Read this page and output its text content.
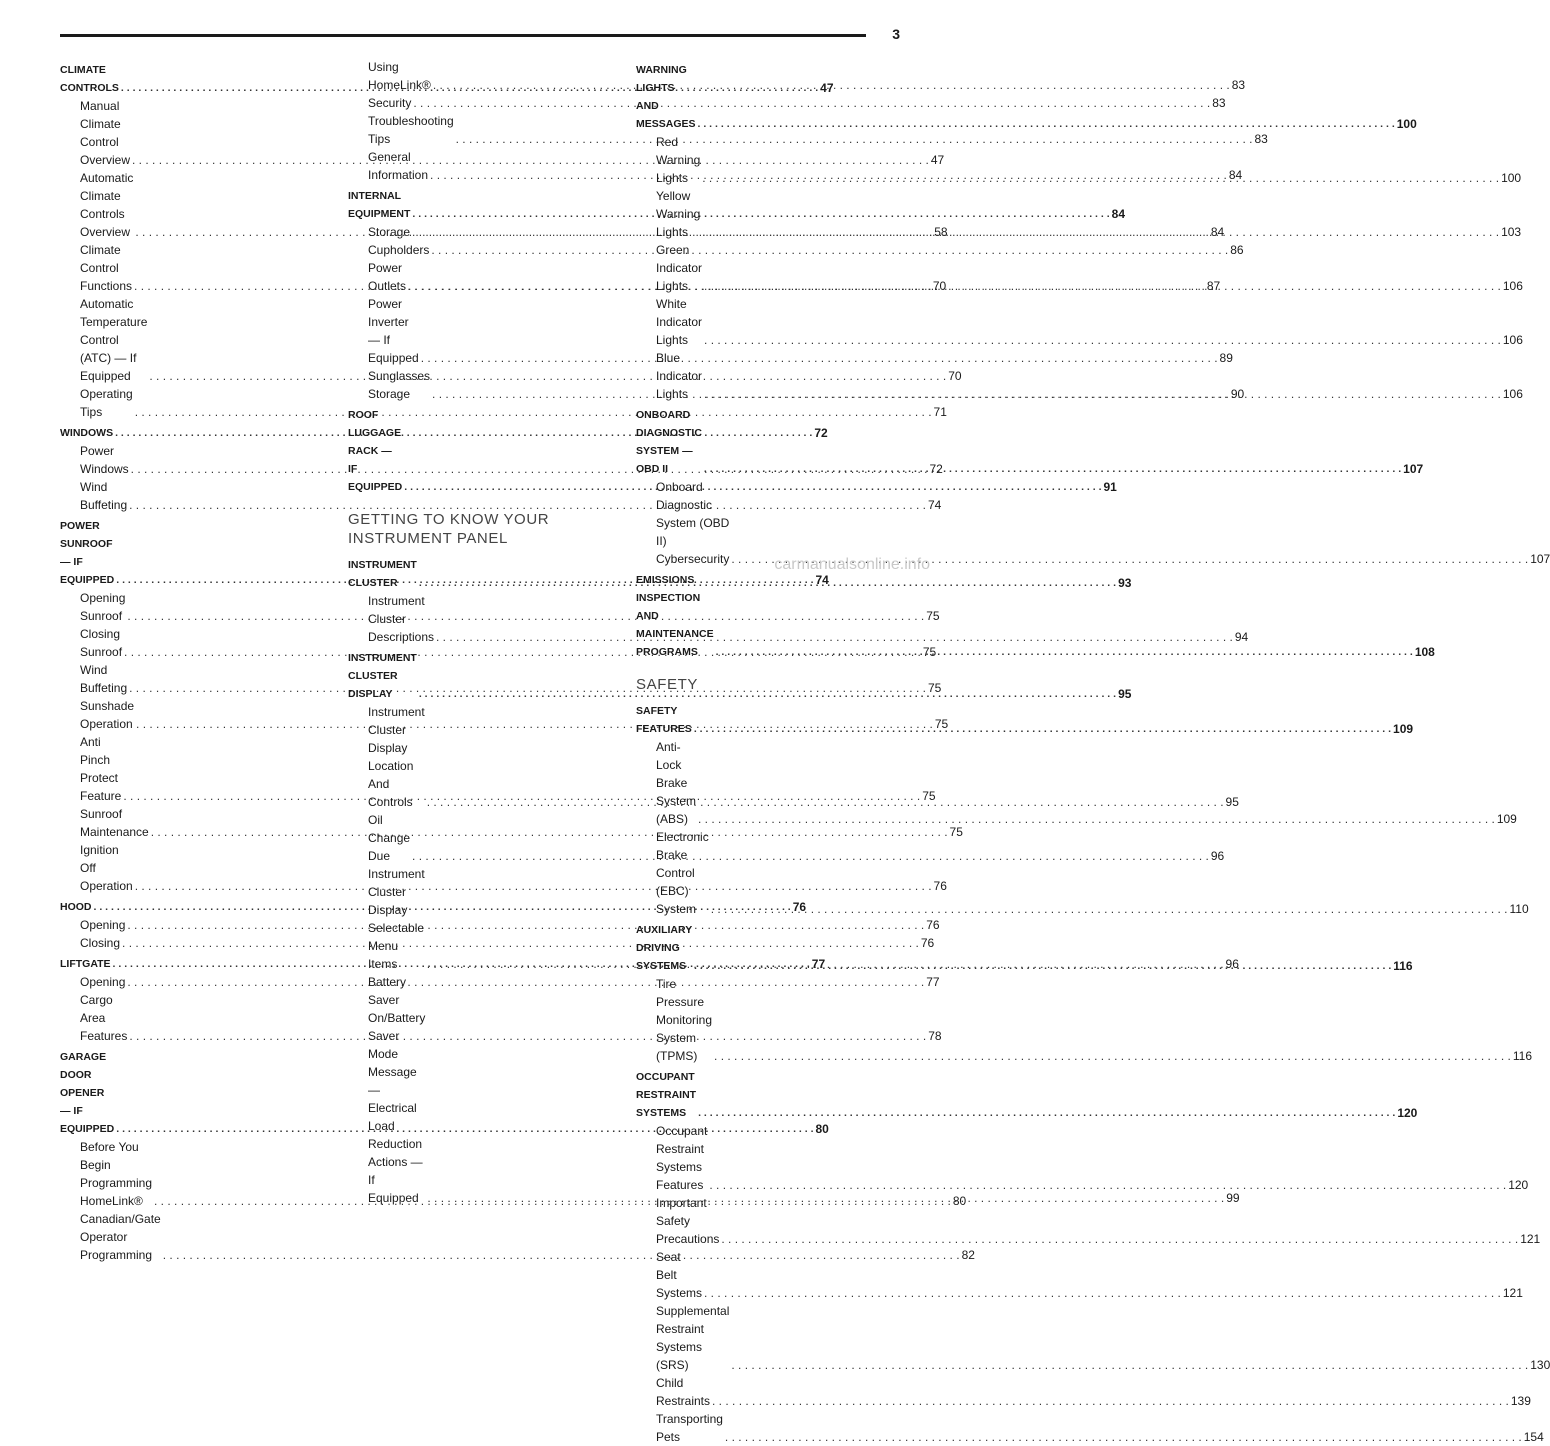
3
CLIMATE CONTROLS . . .	47
Manual Climate Control Overview . . .	47
Automatic Climate Controls Overview . . .	58
Climate Control Functions . . .	70
Automatic Temperature Control (ATC) — If
Equipped . . .	70
Operating Tips . . .	71
WINDOWS . . .	72
Power Windows . . .	72
Wind Buffeting . . .	74
POWER SUNROOF — IF EQUIPPED . . .	74
Opening Sunroof . . .	75
Closing Sunroof . . .	75
Wind Buffeting . . .	75
Sunshade Operation . . .	75
Anti Pinch Protect Feature . . .	75
Sunroof Maintenance . . .	75
Ignition Off Operation . . .	76
HOOD . . .	76
Opening . . .	76
Closing . . .	76
LIFTGATE . . .	77
Opening . . .	77
Cargo Area Features . . .	78
GARAGE DOOR OPENER — IF EQUIPPED . . .	80
Before You Begin Programming
HomeLink® . . .	80
Canadian/Gate Operator Programming . . .	82
Using HomeLink® . . .	83
Security . . .	83
Troubleshooting Tips . . .	83
General Information . . .	84
INTERNAL EQUIPMENT . . .	84
Storage . . .	84
Cupholders . . .	86
Power Outlets . . .	87
Power Inverter — If Equipped . . .	89
Sunglasses Storage . . .	90
ROOF LUGGAGE RACK — IF EQUIPPED . . .	91
GETTING TO KNOW YOUR
INSTRUMENT PANEL
INSTRUMENT CLUSTER . . .	93
Instrument Cluster Descriptions . . .	94
INSTRUMENT CLUSTER DISPLAY . . .	95
Instrument Cluster Display Location And
Controls . . .	95
Oil Change Due . . .	96
Instrument Cluster Display Selectable
Menu Items . . .	96
Battery Saver On/Battery Saver Mode
Message — Electrical Load Reduction
Actions — If Equipped . . .	99
WARNING LIGHTS AND MESSAGES . . .	100
Red Warning Lights . . .	100
Yellow Warning Lights . . .	103
Green Indicator Lights . . .	106
White Indicator Lights . . .	106
Blue Indicator Lights . . .	106
ONBOARD DIAGNOSTIC SYSTEM — OBD II . . .	107
Onboard Diagnostic System (OBD II)
Cybersecurity . . .	107
EMISSIONS INSPECTION AND MAINTENANCE
PROGRAMS . . .	108
SAFETY
SAFETY FEATURES . . .	109
Anti-Lock Brake System (ABS) . . .	109
Electronic Brake Control (EBC) System . . .	110
AUXILIARY DRIVING SYSTEMS . . .	116
Tire Pressure Monitoring System
(TPMS) . . .	116
OCCUPANT RESTRAINT SYSTEMS . . .	120
Occupant Restraint Systems Features . . .	120
Important Safety Precautions . . .	121
Seat Belt Systems . . .	121
Supplemental Restraint
Systems (SRS) . . .	130
Child Restraints . . .	139
Transporting Pets . . .	154
carmanualsonline.info
